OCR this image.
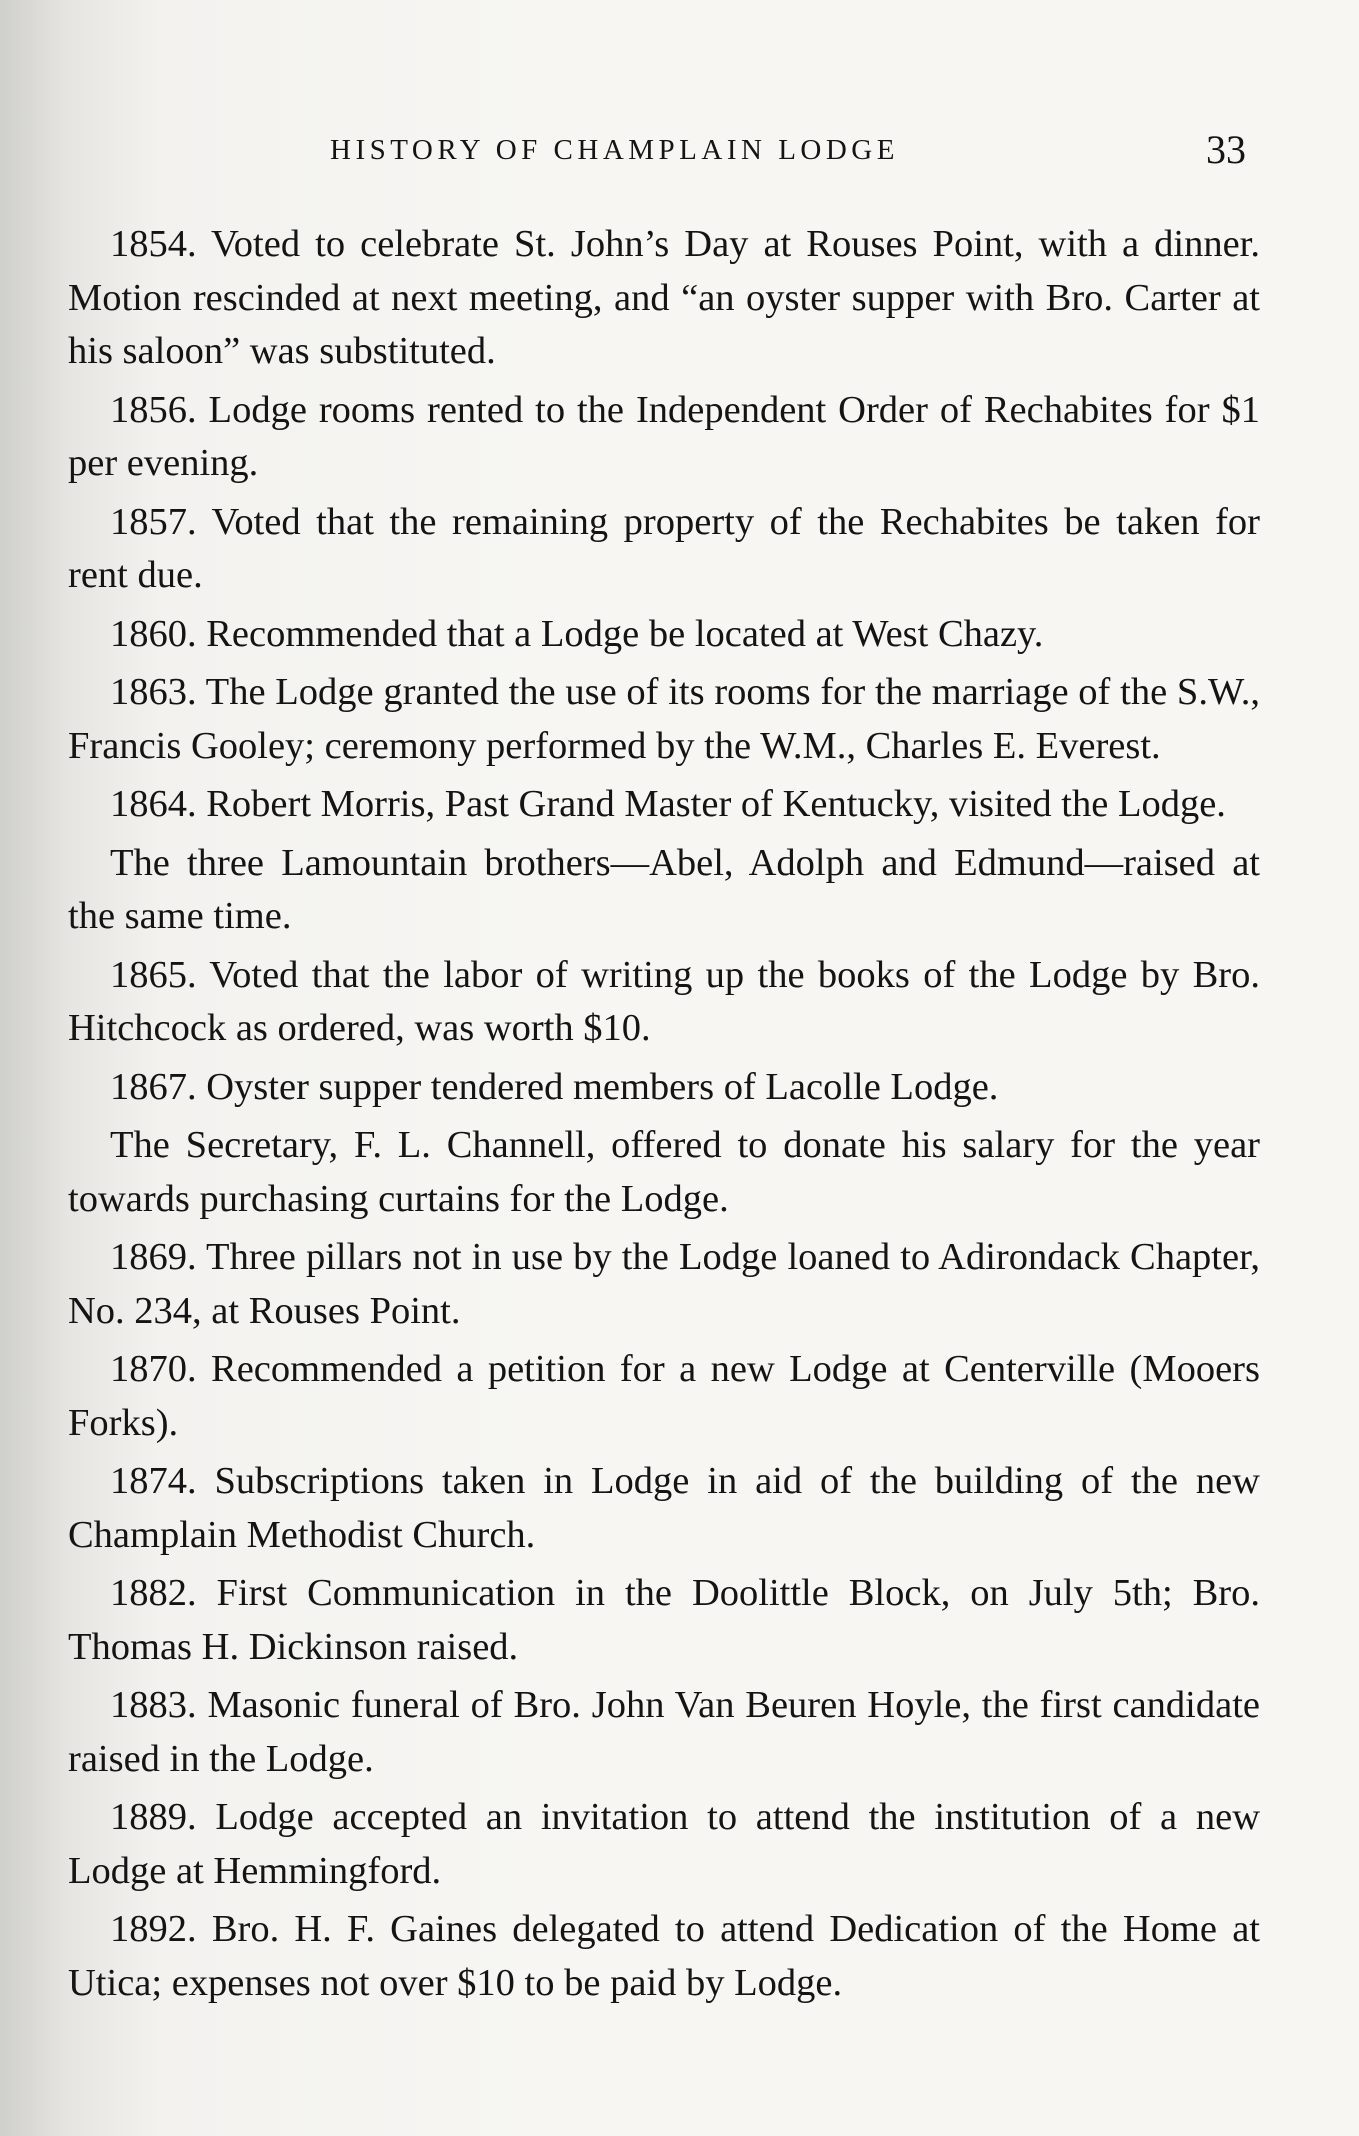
HISTORY OF CHAMPLAIN LODGE	33

1854. Voted to celebrate St. John’s Day at Rouses Point, with a dinner. Motion rescinded at next meeting, and “an oyster supper with Bro. Carter at his saloon” was substituted.

1856. Lodge rooms rented to the Independent Order of Rechabites for $1 per evening.

1857. Voted that the remaining property of the Rechabites be taken for rent due.

1860. Recommended that a Lodge be located at West Chazy.

1863. The Lodge granted the use of its rooms for the marriage of the S.W., Francis Gooley; ceremony performed by the W.M., Charles E. Everest.

1864. Robert Morris, Past Grand Master of Kentucky, visited the Lodge.

The three Lamountain brothers—Abel, Adolph and Edmund—raised at the same time.

1865. Voted that the labor of writing up the books of the Lodge by Bro. Hitchcock as ordered, was worth $10.

1867. Oyster supper tendered members of Lacolle Lodge.

The Secretary, F. L. Channell, offered to donate his salary for the year towards purchasing curtains for the Lodge.

1869. Three pillars not in use by the Lodge loaned to Adirondack Chapter, No. 234, at Rouses Point.

1870. Recommended a petition for a new Lodge at Centerville (Mooers Forks).

1874. Subscriptions taken in Lodge in aid of the building of the new Champlain Methodist Church.

1882. First Communication in the Doolittle Block, on July 5th; Bro. Thomas H. Dickinson raised.

1883. Masonic funeral of Bro. John Van Beuren Hoyle, the first candidate raised in the Lodge.

1889. Lodge accepted an invitation to attend the institution of a new Lodge at Hemmingford.

1892. Bro. H. F. Gaines delegated to attend Dedication of the Home at Utica; expenses not over $10 to be paid by Lodge.
